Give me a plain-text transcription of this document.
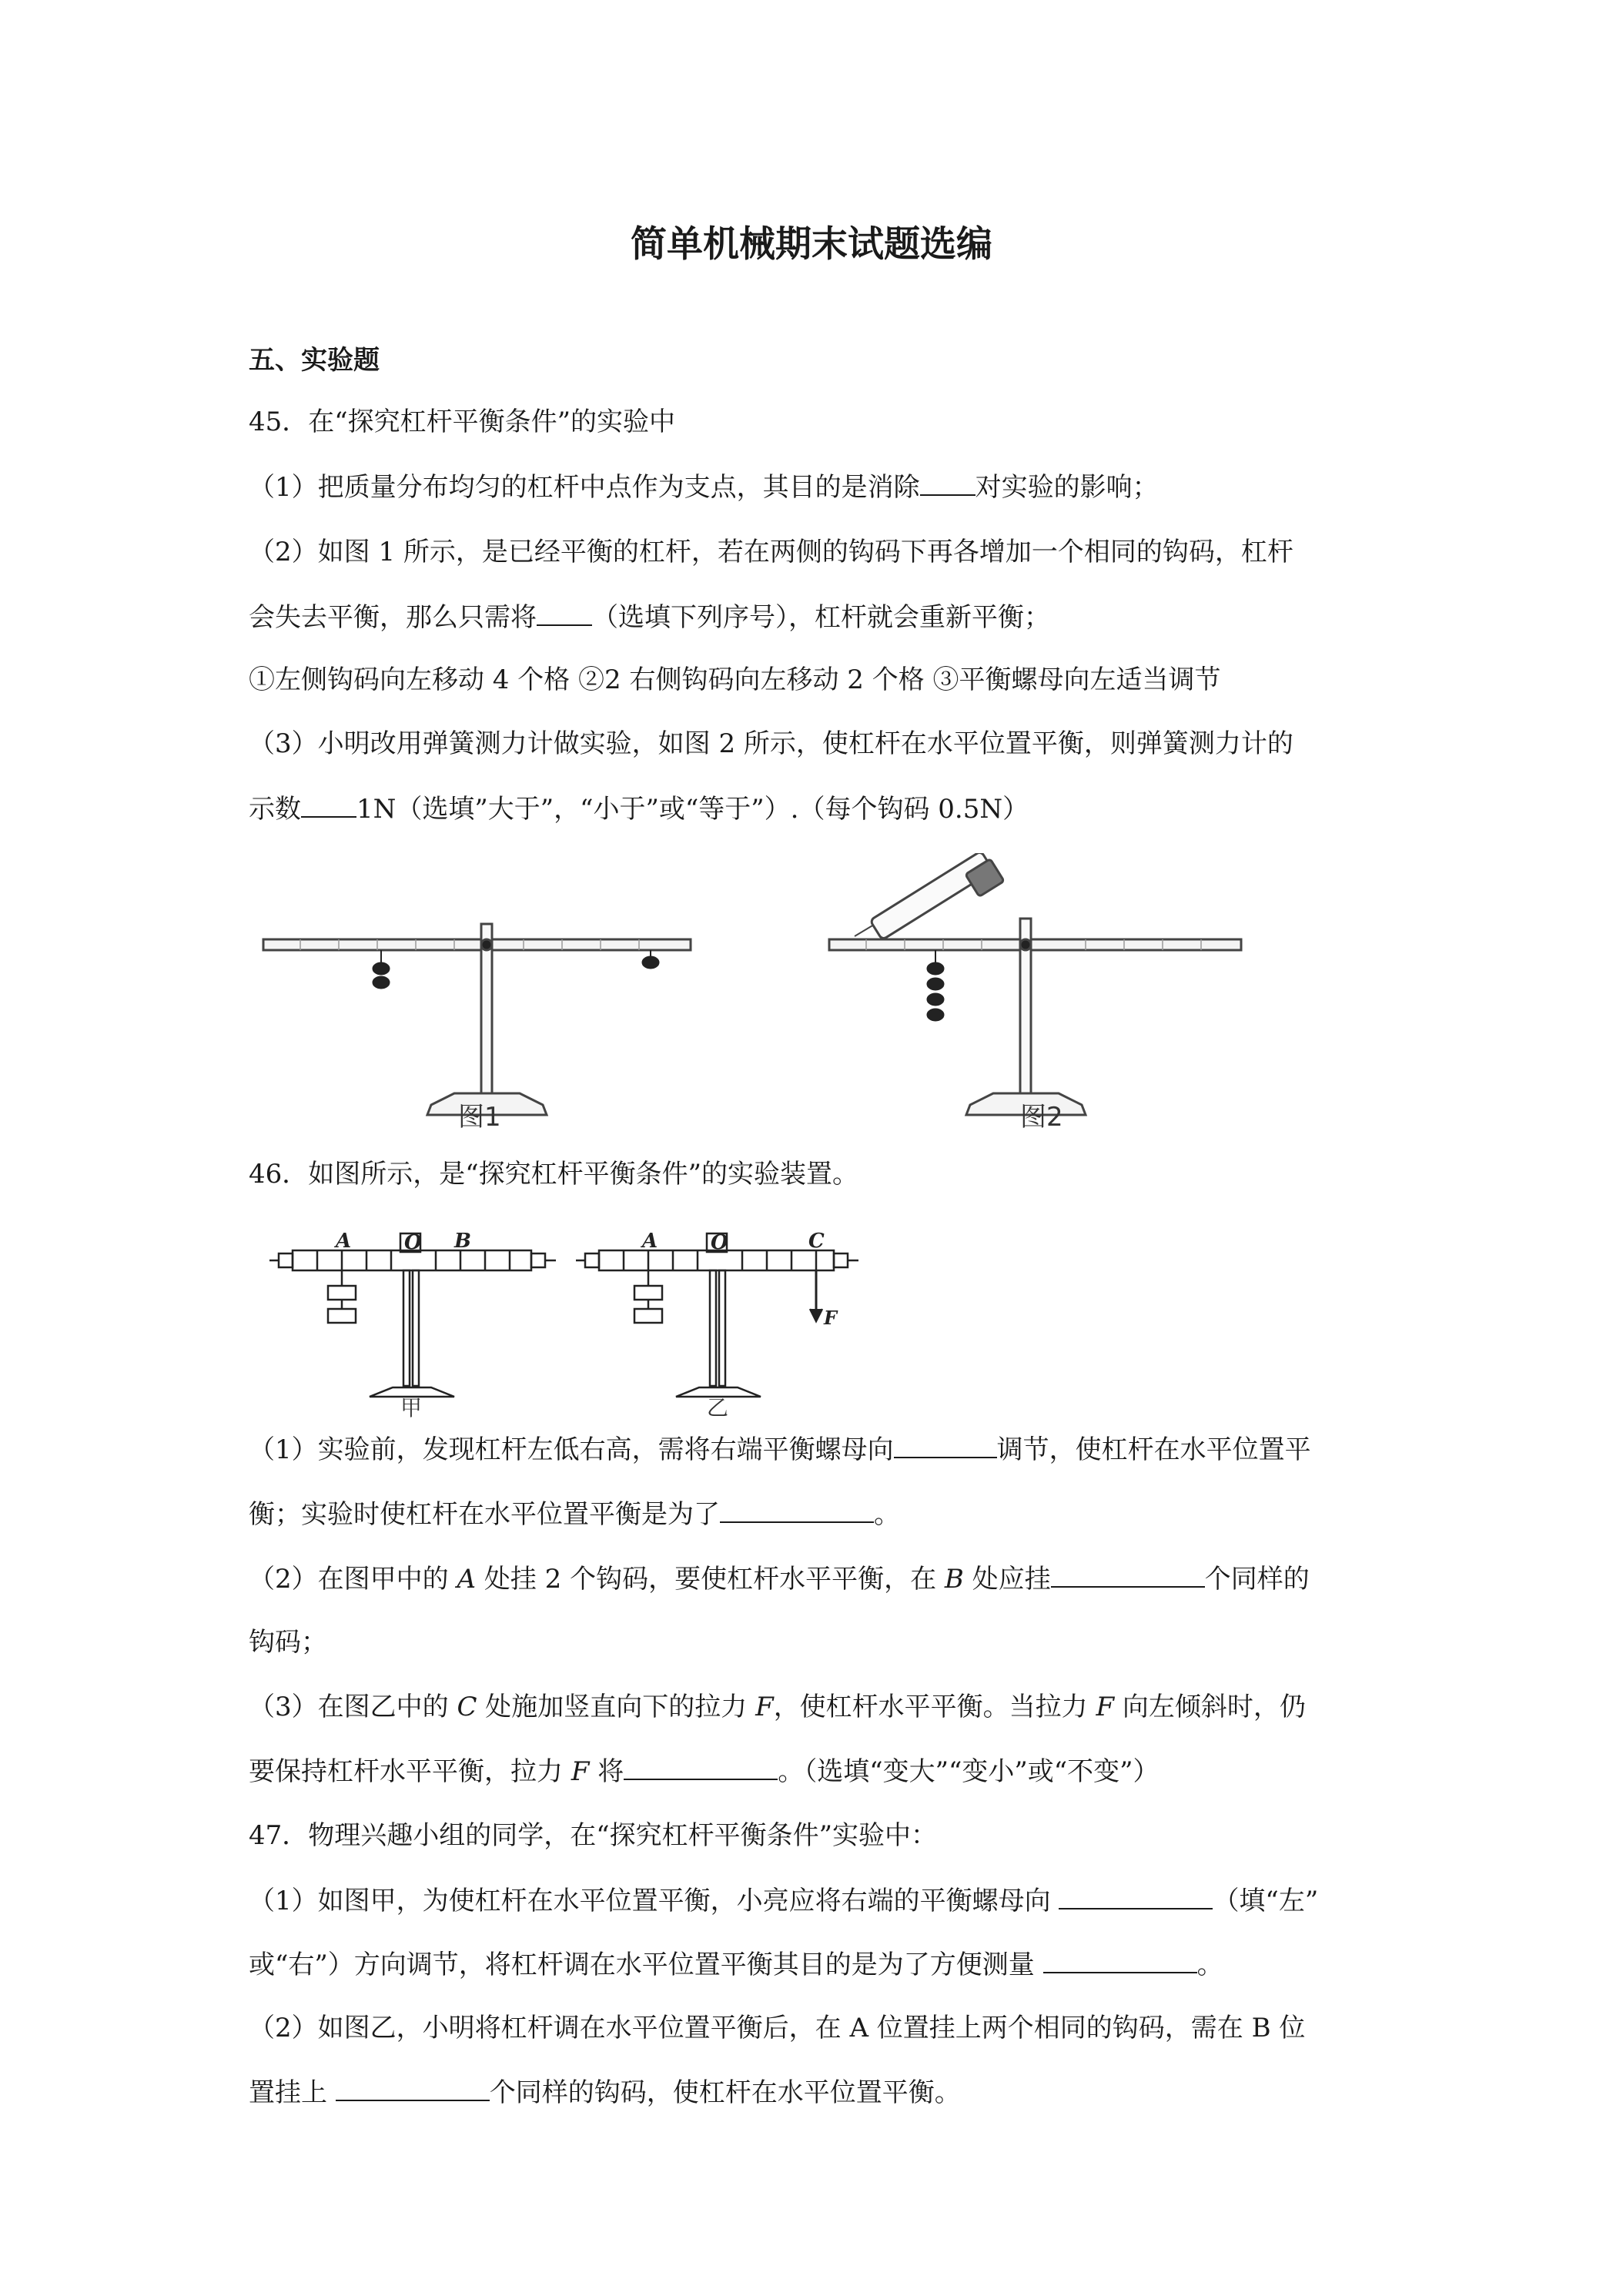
简单机械期末试题选编
五、实验题
45．在“探究杠杆平衡条件”的实验中
（1）把质量分布均匀的杠杆中点作为支点，其目的是消除 对实验的影响；
（2）如图 1 所示，是已经平衡的杠杆，若在两侧的钩码下再各增加一个相同的钩码，杠杆
会失去平衡，那么只需将 （选填下列序号），杠杆就会重新平衡；
①左侧钩码向左移动 4 个格 ②2 右侧钩码向左移动 2 个格 ③平衡螺母向左适当调节
（3）小明改用弹簧测力计做实验，如图 2 所示，使杠杆在水平位置平衡，则弹簧测力计的
示数 1N（选填”大于”，“小于”或“等于”）.（每个钩码 0.5N）
图1	图2
46．如图所示，是“探究杠杆平衡条件”的实验装置。
A	O B
甲
A	O	C
F
乙
（1）实验前，发现杠杆左低右高，需将右端平衡螺母向	调节，使杠杆在水平位置平
衡；实验时使杠杆在水平位置平衡是为了	。
（2）在图甲中的 A 处挂 2 个钩码，要使杠杆水平平衡，在 B 处应挂	个同样的
钩码；
（3）在图乙中的 C 处施加竖直向下的拉力 F，使杠杆水平平衡。当拉力 F 向左倾斜时，仍
要保持杠杆水平平衡，拉力 F 将	。（选填“变大”“变小”或“不变”）
47．物理兴趣小组的同学，在“探究杠杆平衡条件”实验中：
（1）如图甲，为使杠杆在水平位置平衡，小亮应将右端的平衡螺母向	（填“左”
或“右”）方向调节，将杠杆调在水平位置平衡其目的是为了方便测量	。
（2）如图乙，小明将杠杆调在水平位置平衡后，在 A 位置挂上两个相同的钩码，需在 B 位
置挂上	个同样的钩码，使杠杆在水平位置平衡。
